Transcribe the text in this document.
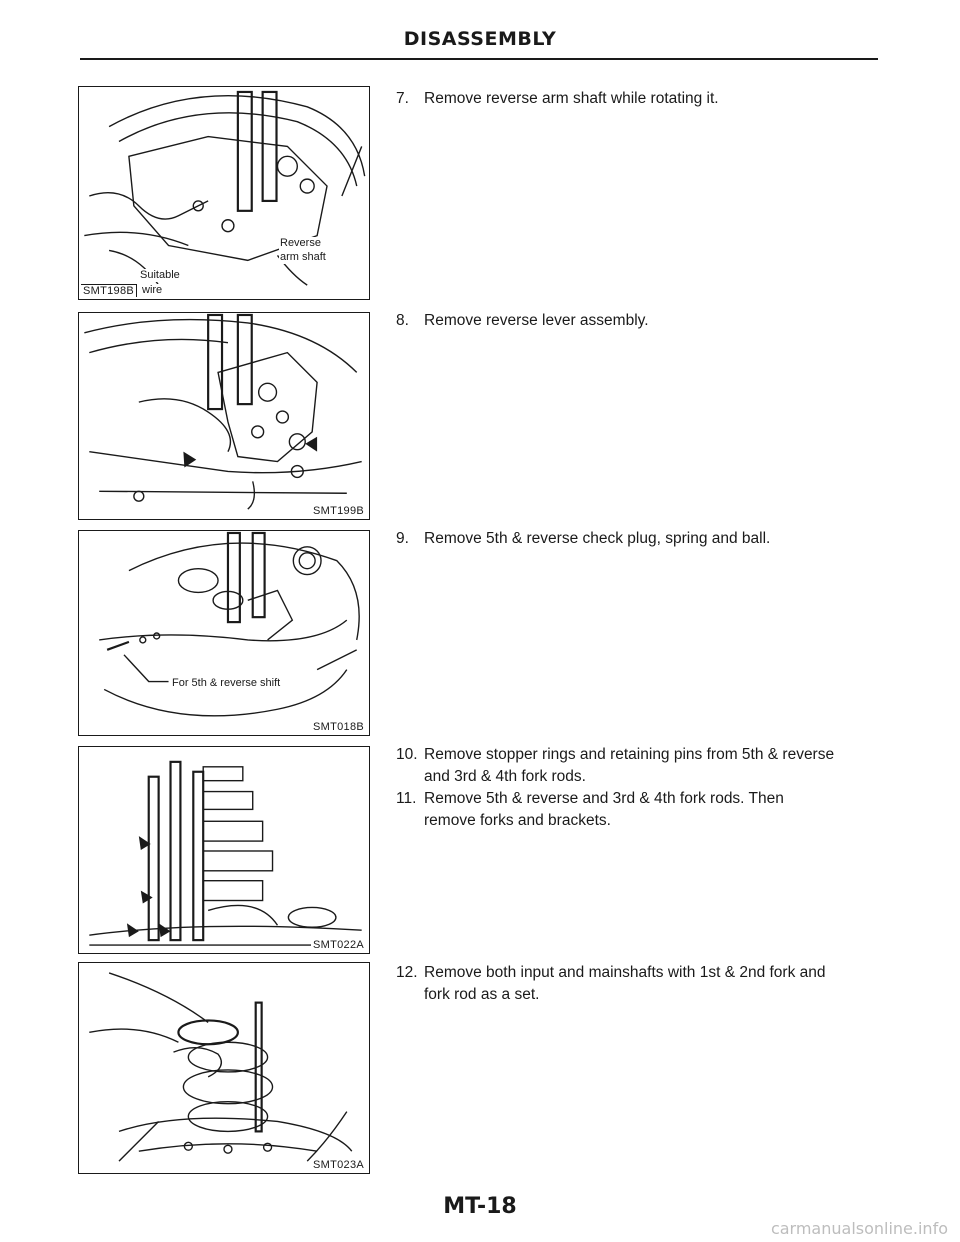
DISASSEMBLY
Reverse
arm shaft
Suitable
wire
SMT198B
SMT199B
For 5th & reverse shift
SMT018B
SMT022A
SMT023A
7. Remove reverse arm shaft while rotating it.
8. Remove reverse lever assembly.
9. Remove 5th & reverse check plug, spring and ball.
10. Remove stopper rings and retaining pins from 5th & reverse
and 3rd & 4th fork rods.
11. Remove 5th & reverse and 3rd & 4th fork rods. Then
remove forks and brackets.
12. Remove both input and mainshafts with 1st & 2nd fork and
fork rod as a set.
MT-18
carmanualsonline.info
